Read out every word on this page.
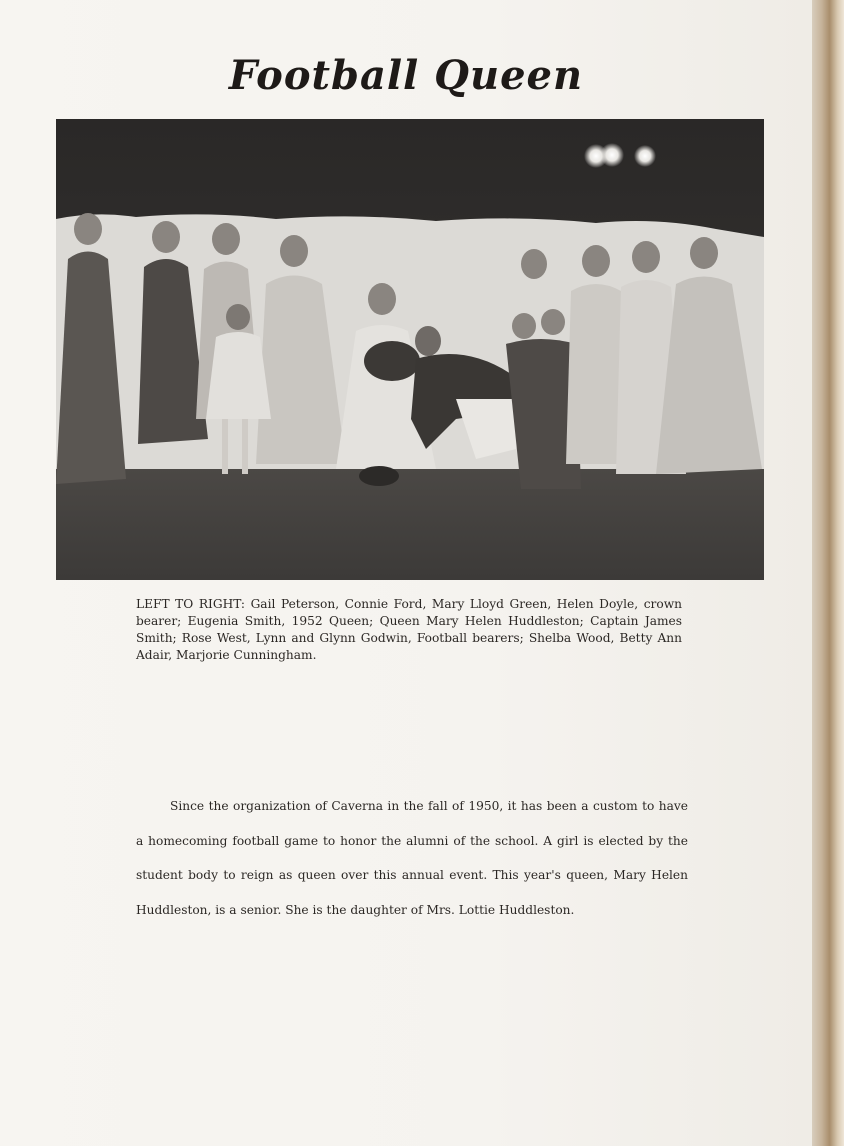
Football Queen
LEFT TO RIGHT: Gail Peterson, Connie Ford, Mary Lloyd Green, Helen Doyle, crown bearer; Eugenia Smith, 1952 Queen; Queen Mary Helen Huddleston; Captain James Smith; Rose West, Lynn and Glynn Godwin, Football bearers; Shelba Wood, Betty Ann Adair, Marjorie Cunningham.
Since the organization of Caverna in the fall of 1950, it has been a custom to have a homecoming football game to honor the alumni of the school. A girl is elected by the student body to reign as queen over this annual event. This year's queen, Mary Helen Huddleston, is a senior. She is the daughter of Mrs. Lottie Huddleston.
